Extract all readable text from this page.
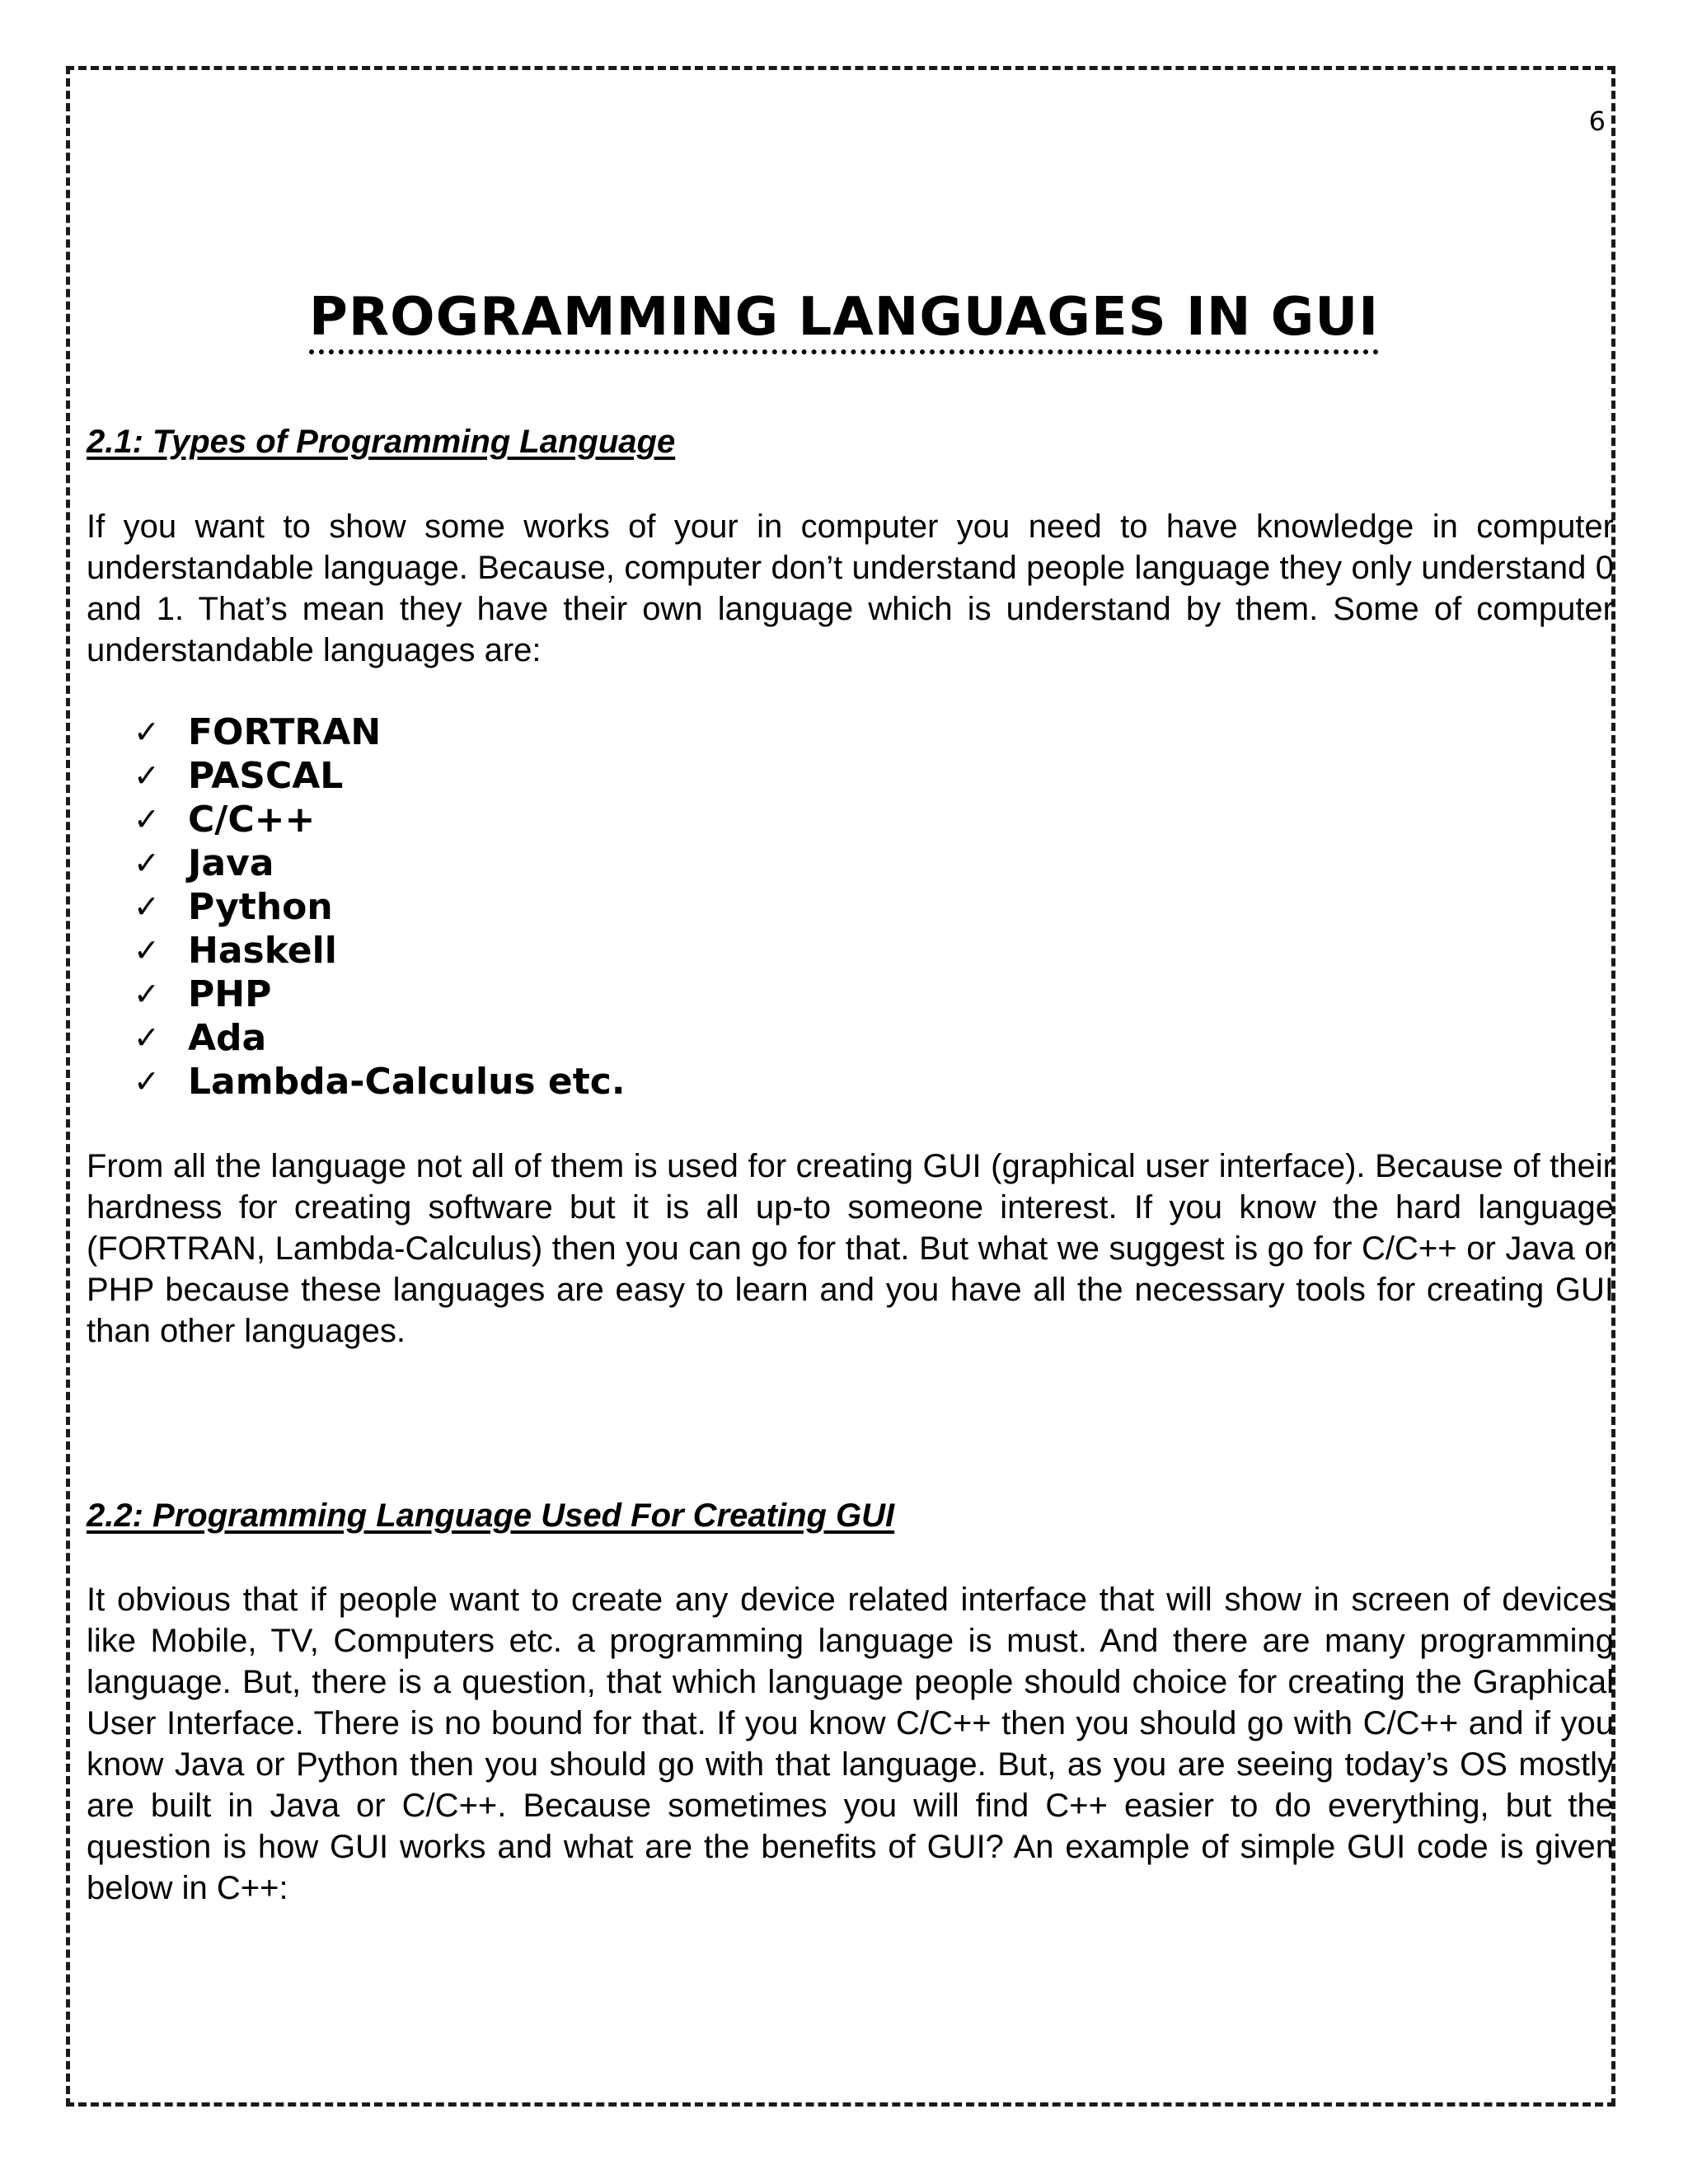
6
PROGRAMMING LANGUAGES IN GUI
2.1: Types of Programming Language

If you want to show some works of your in computer you need to have knowledge in computer understandable language. Because, computer don’t understand people language they only understand 0 and 1. That’s mean they have their own language which is understand by them. Some of computer understandable languages are:

✓ FORTRAN
✓ PASCAL
✓ C/C++
✓ Java
✓ Python
✓ Haskell
✓ PHP
✓ Ada
✓ Lambda-Calculus etc.

From all the language not all of them is used for creating GUI (graphical user interface). Because of their hardness for creating software but it is all up-to someone interest. If you know the hard language (FORTRAN, Lambda-Calculus) then you can go for that. But what we suggest is go for C/C++ or Java or PHP because these languages are easy to learn and you have all the necessary tools for creating GUI than other languages.

2.2: Programming Language Used For Creating GUI

It obvious that if people want to create any device related interface that will show in screen of devices like Mobile, TV, Computers etc. a programming language is must. And there are many programming language. But, there is a question, that which language people should choice for creating the Graphical User Interface. There is no bound for that. If you know C/C++ then you should go with C/C++ and if you know Java or Python then you should go with that language. But, as you are seeing today’s OS mostly are built in Java or C/C++. Because sometimes you will find C++ easier to do everything, but the question is how GUI works and what are the benefits of GUI? An example of simple GUI code is given below in C++:
